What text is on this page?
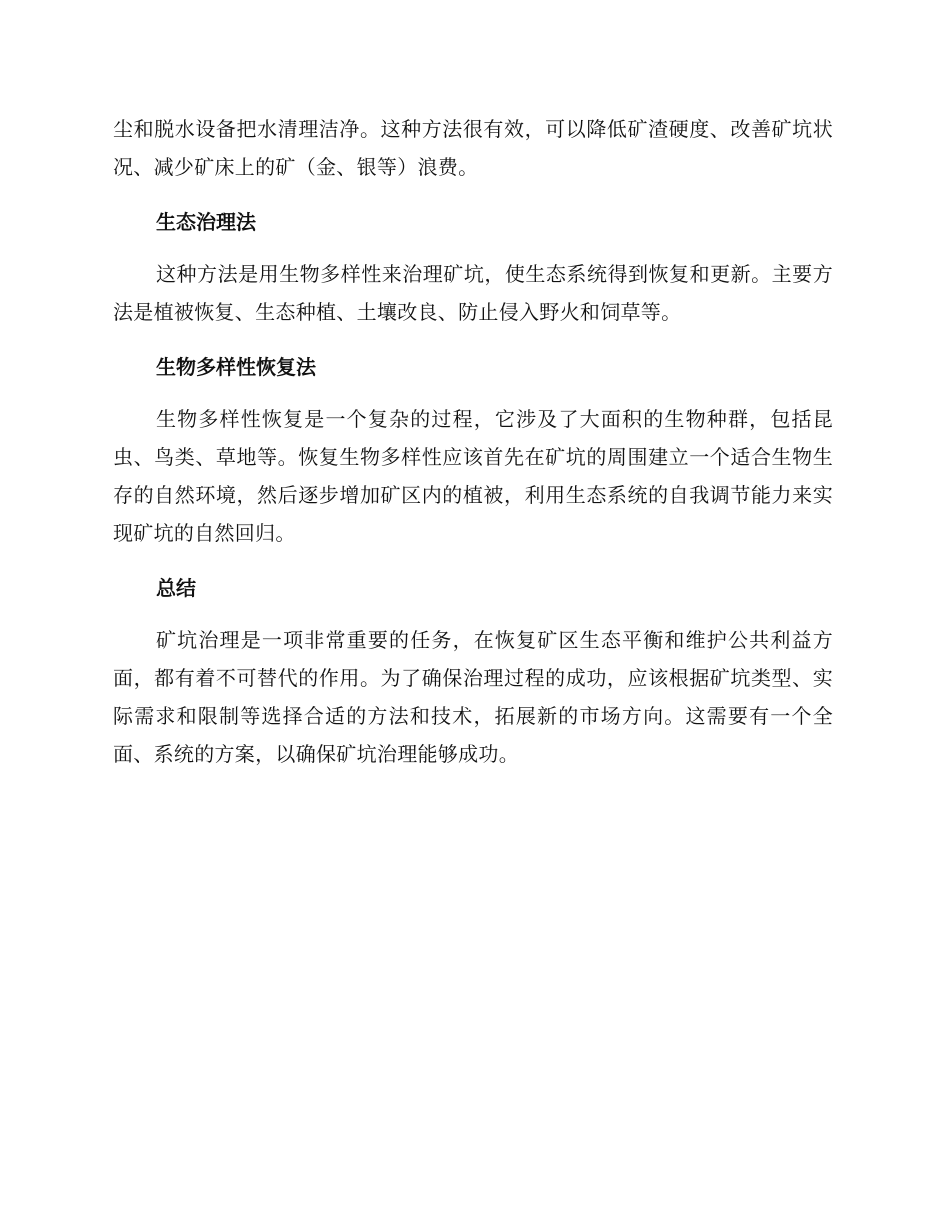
尘和脱水设备把水清理洁净。这种方法很有效，可以降低矿渣硬度、改善矿坑状况、减少矿床上的矿（金、银等）浪费。

生态治理法

这种方法是用生物多样性来治理矿坑，使生态系统得到恢复和更新。主要方法是植被恢复、生态种植、土壤改良、防止侵入野火和饲草等。

生物多样性恢复法

生物多样性恢复是一个复杂的过程，它涉及了大面积的生物种群，包括昆虫、鸟类、草地等。恢复生物多样性应该首先在矿坑的周围建立一个适合生物生存的自然环境，然后逐步增加矿区内的植被，利用生态系统的自我调节能力来实现矿坑的自然回归。

总结

矿坑治理是一项非常重要的任务，在恢复矿区生态平衡和维护公共利益方面，都有着不可替代的作用。为了确保治理过程的成功，应该根据矿坑类型、实际需求和限制等选择合适的方法和技术，拓展新的市场方向。这需要有一个全面、系统的方案，以确保矿坑治理能够成功。
